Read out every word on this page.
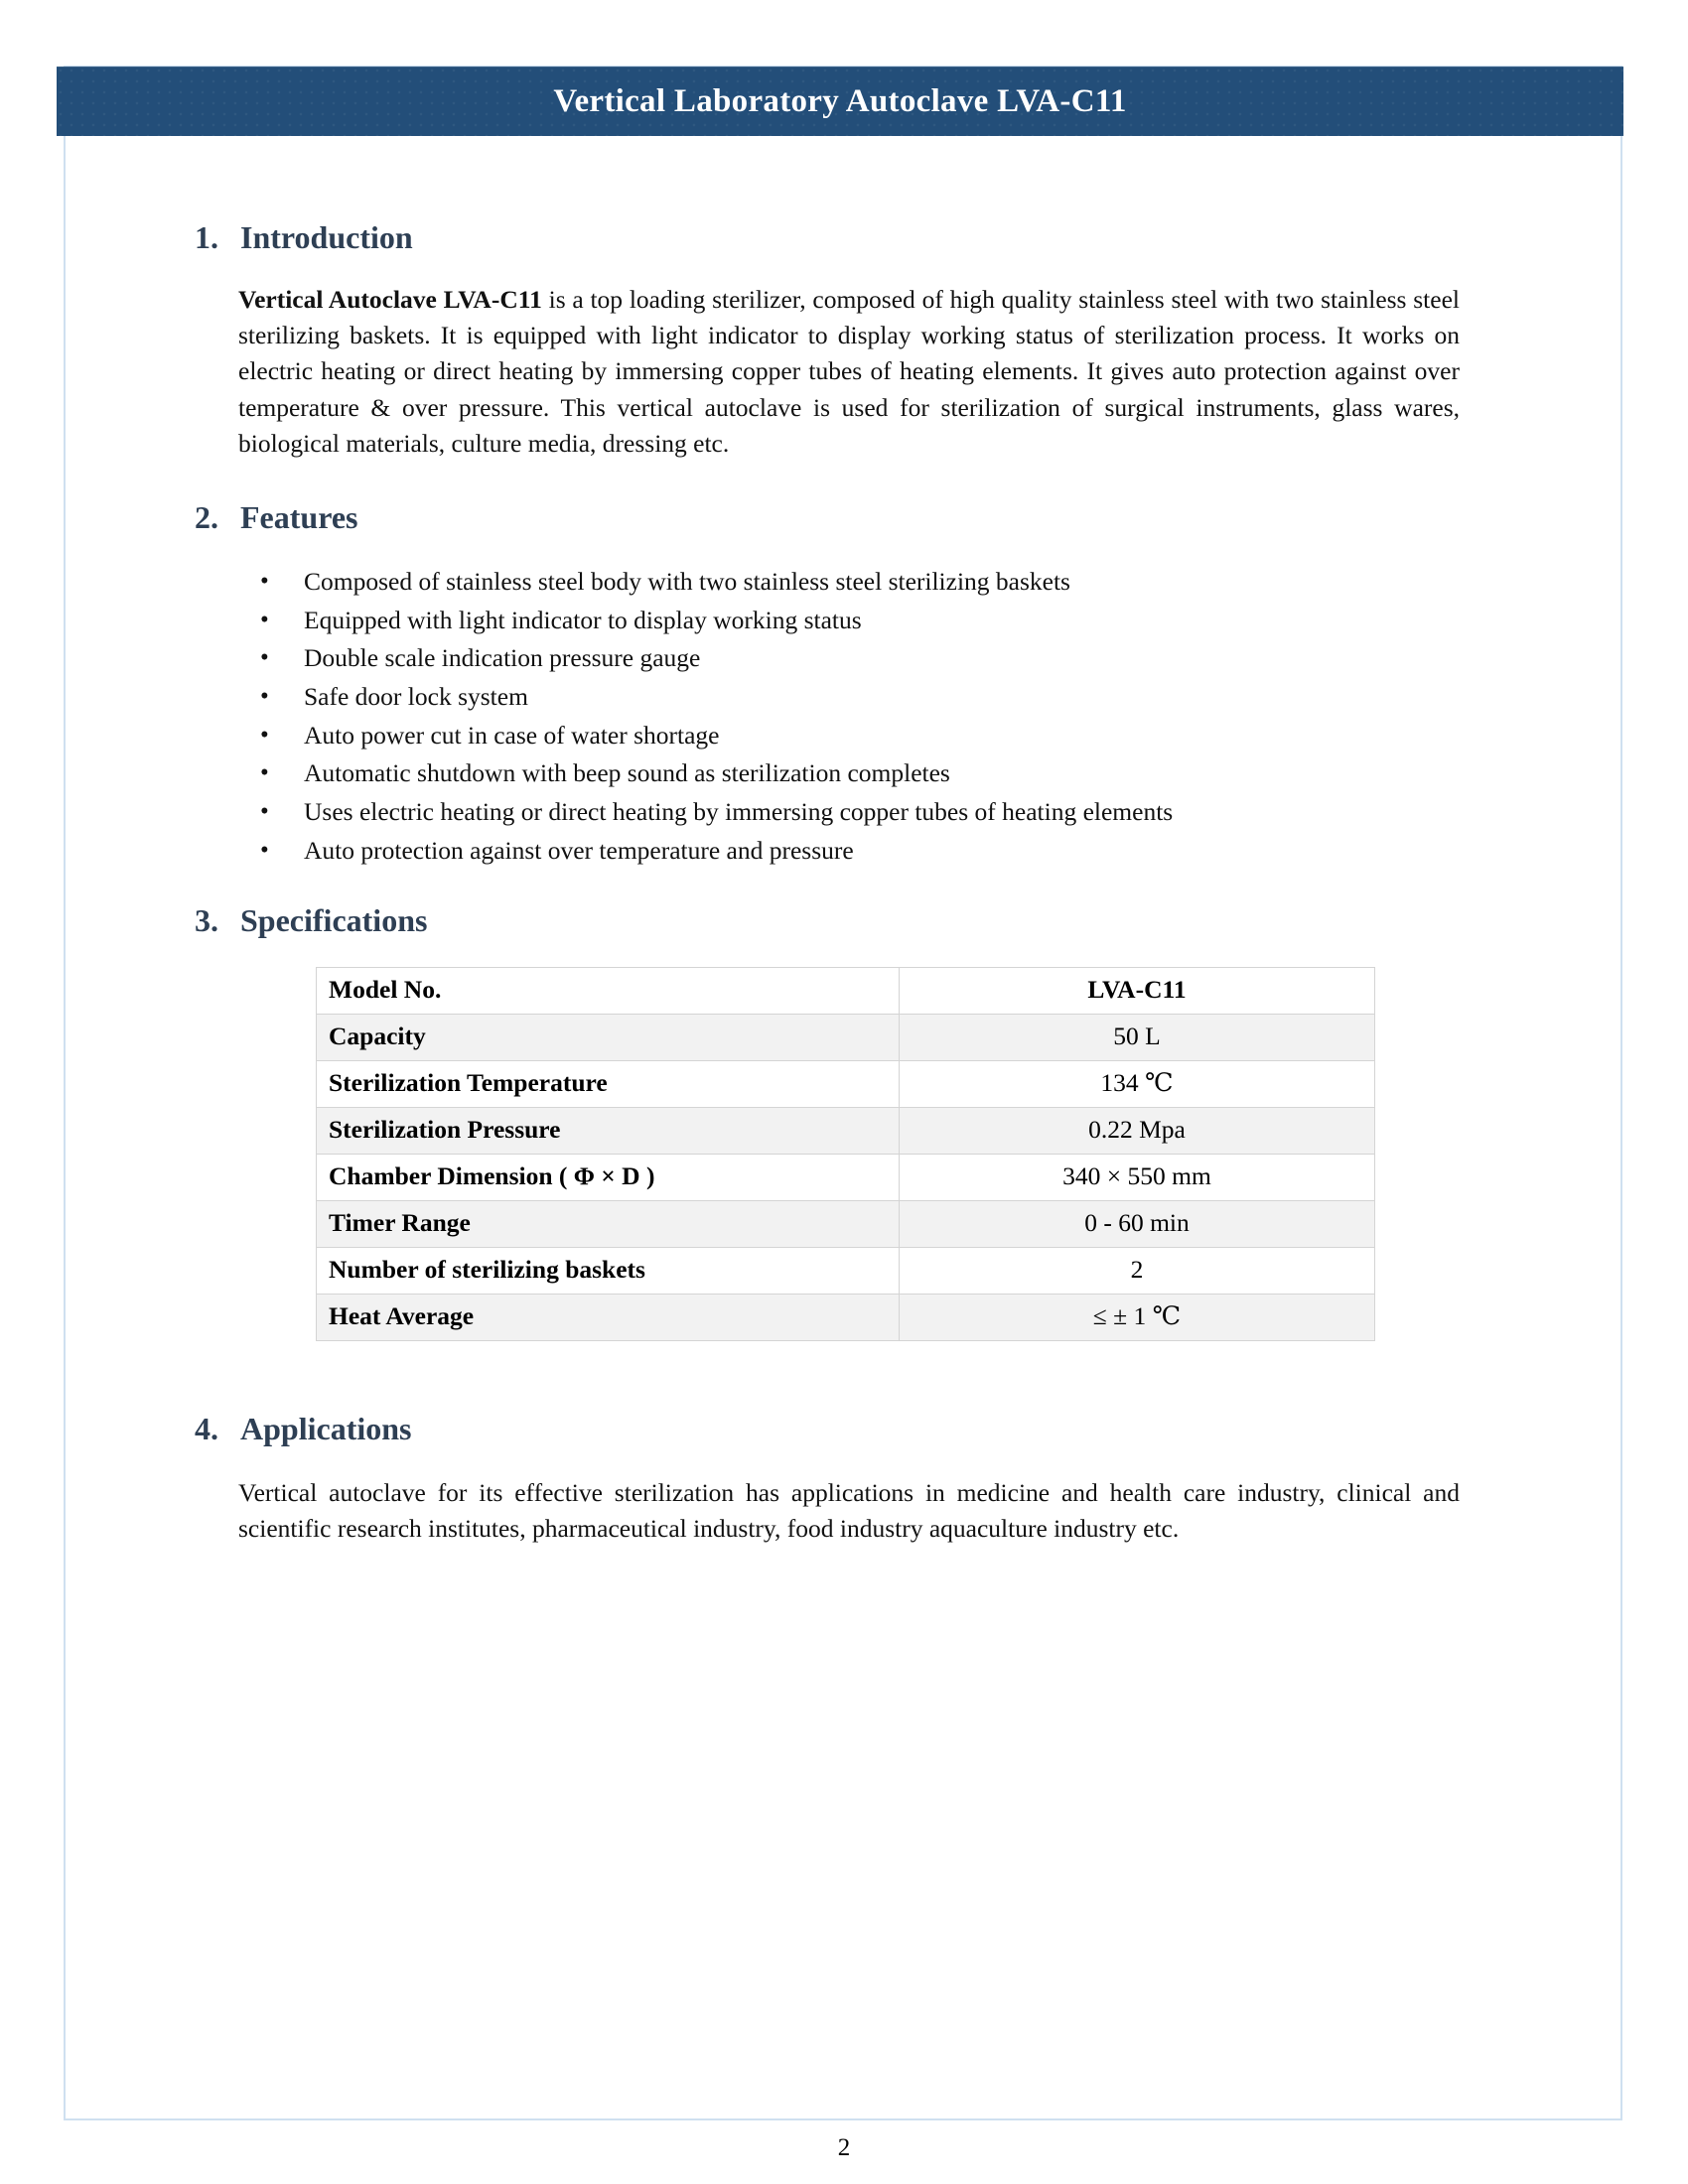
Vertical Laboratory Autoclave LVA-C11
1. Introduction
Vertical Autoclave LVA-C11 is a top loading sterilizer, composed of high quality stainless steel with two stainless steel sterilizing baskets. It is equipped with light indicator to display working status of sterilization process. It works on electric heating or direct heating by immersing copper tubes of heating elements. It gives auto protection against over temperature & over pressure. This vertical autoclave is used for sterilization of surgical instruments, glass wares, biological materials, culture media, dressing etc.
2. Features
• Composed of stainless steel body with two stainless steel sterilizing baskets
• Equipped with light indicator to display working status
• Double scale indication pressure gauge
• Safe door lock system
• Auto power cut in case of water shortage
• Automatic shutdown with beep sound as sterilization completes
• Uses electric heating or direct heating by immersing copper tubes of heating elements
• Auto protection against over temperature and pressure
3. Specifications
Model No.	LVA-C11
Capacity	50 L
Sterilization Temperature	134 ℃
Sterilization Pressure	0.22 Mpa
Chamber Dimension ( Φ × D )	340 × 550 mm
Timer Range	0 - 60 min
Number of sterilizing baskets	2
Heat Average	≤ ± 1 ℃
4. Applications
Vertical autoclave for its effective sterilization has applications in medicine and health care industry, clinical and scientific research institutes, pharmaceutical industry, food industry aquaculture industry etc.
2
